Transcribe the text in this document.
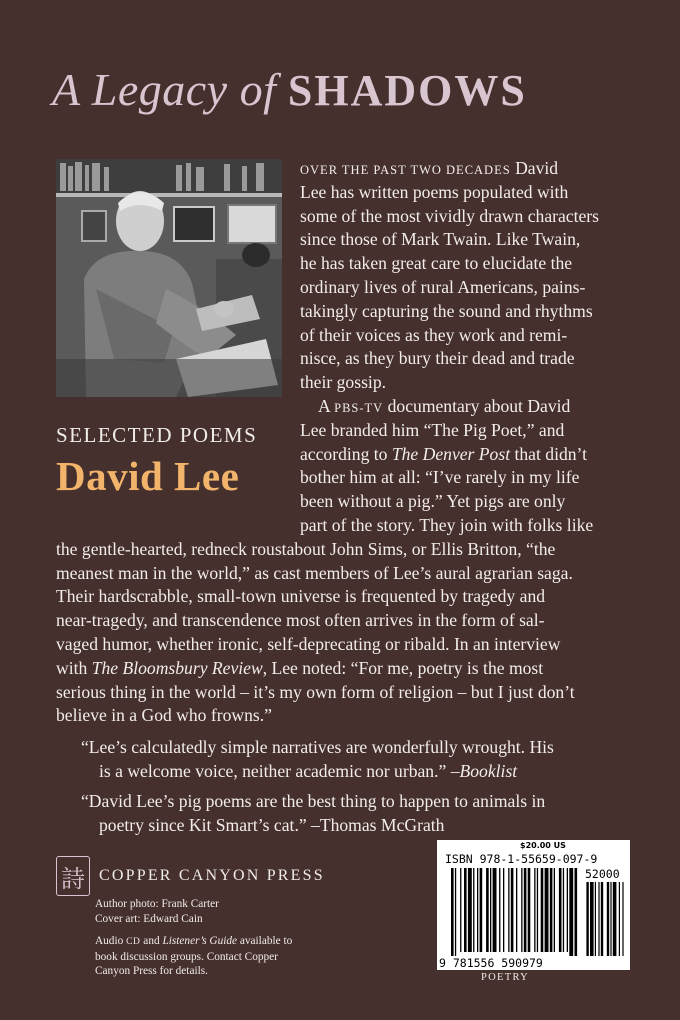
A Legacy of SHADOWS
SELECTED POEMS
David Lee
OVER THE PAST TWO DECADES David
Lee has written poems populated with
some of the most vividly drawn characters
since those of Mark Twain. Like Twain,
he has taken great care to elucidate the
ordinary lives of rural Americans, pains-
takingly capturing the sound and rhythms
of their voices as they work and remi-
nisce, as they bury their dead and trade
their gossip.
A PBS-TV documentary about David
Lee branded him “The Pig Poet,” and
according to The Denver Post that didn’t
bother him at all: “I’ve rarely in my life
been without a pig.” Yet pigs are only
part of the story. They join with folks like
the gentle-hearted, redneck roustabout John Sims, or Ellis Britton, “the
meanest man in the world,” as cast members of Lee’s aural agrarian saga.
Their hardscrabble, small-town universe is frequented by tragedy and
near-tragedy, and transcendence most often arrives in the form of sal-
vaged humor, whether ironic, self-deprecating or ribald. In an interview
with The Bloomsbury Review, Lee noted: “For me, poetry is the most
serious thing in the world – it’s my own form of religion – but I just don’t
believe in a God who frowns.”
“Lee’s calculatedly simple narratives are wonderfully wrought. His
is a welcome voice, neither academic nor urban.” –Booklist
“David Lee’s pig poems are the best thing to happen to animals in
poetry since Kit Smart’s cat.” –Thomas McGrath
詩 COPPER CANYON PRESS
Author photo: Frank Carter
Cover art: Edward Cain
Audio CD and Listener’s Guide available to
book discussion groups. Contact Copper
Canyon Press for details.
$20.00 US
ISBN 978-1-55659-097-9
52000
9 781556 590979
POETRY
